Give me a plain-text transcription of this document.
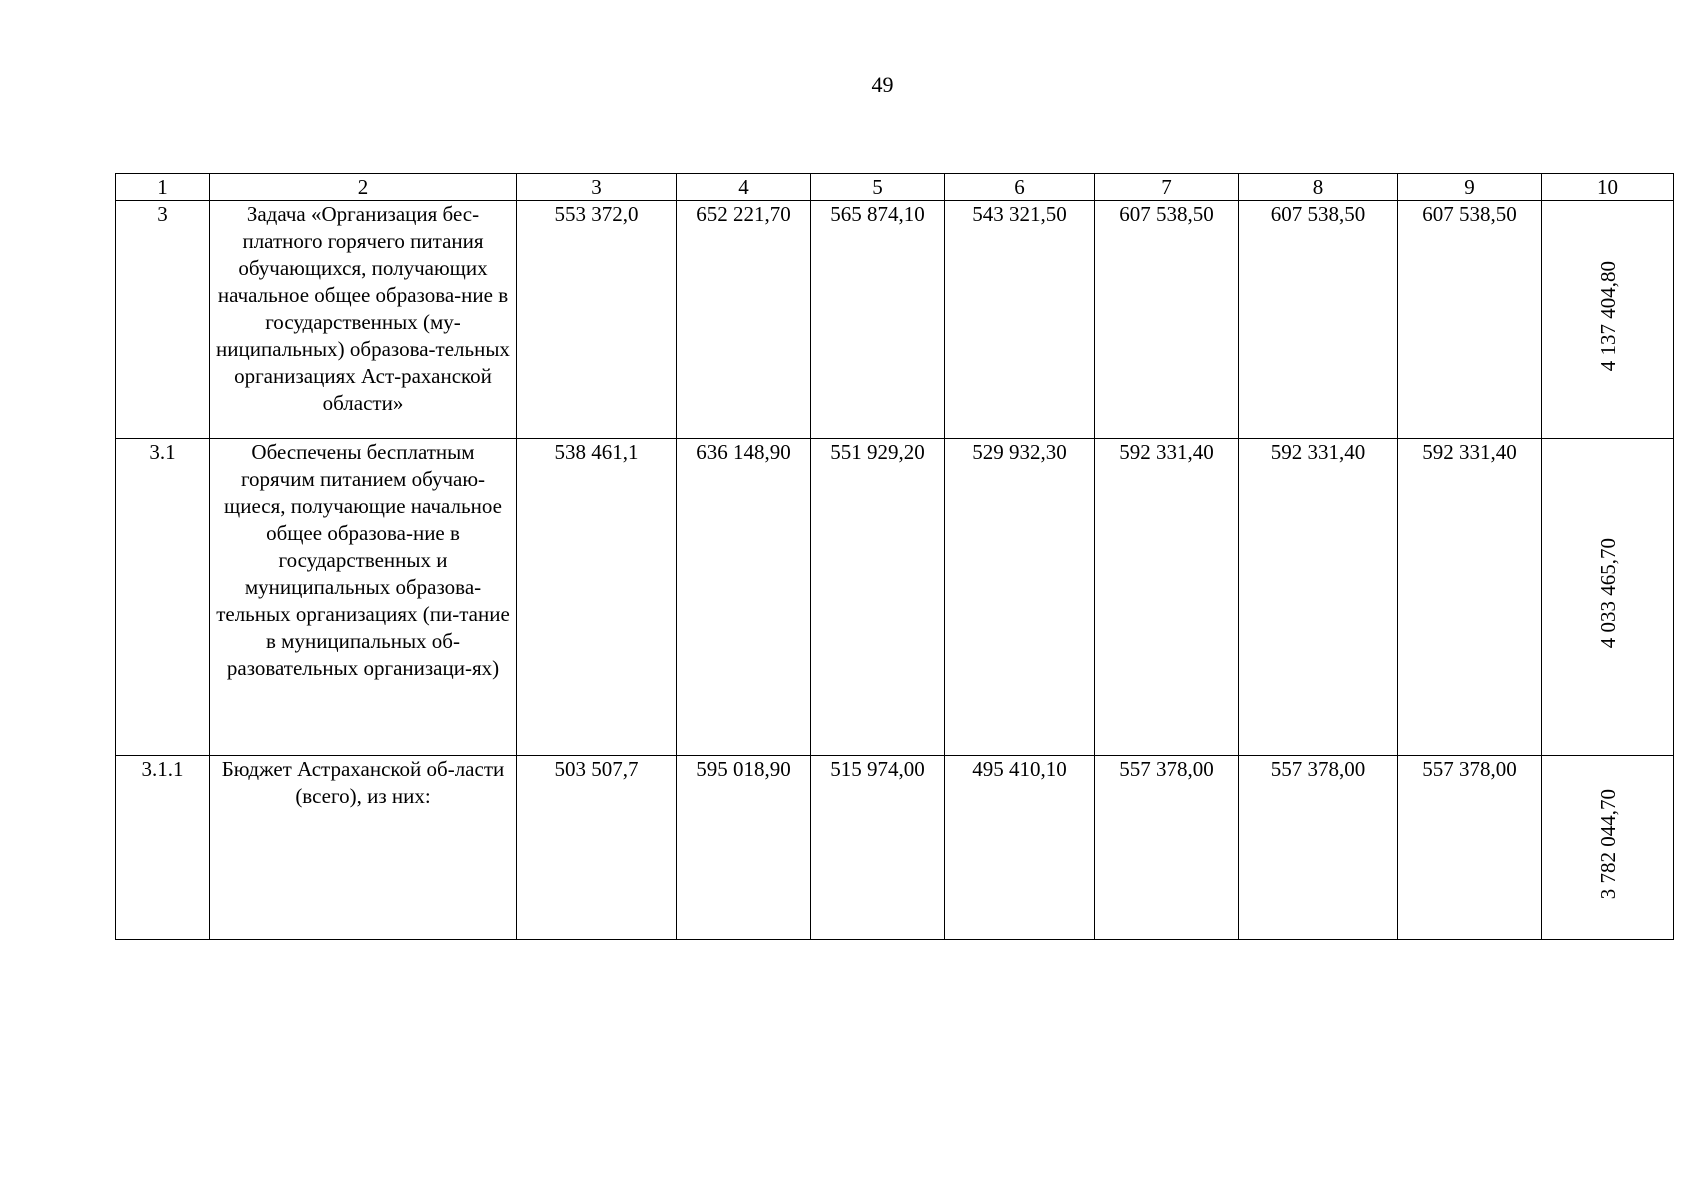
49
1	2	3	4	5	6	7	8	9	10
3	Задача «Организация бес-платного горячего питания обучающихся, получающих начальное общее образова-ние в государственных (му-ниципальных) образова-тельных организациях Аст-раханской области»	553 372,0	652 221,70	565 874,10	543 321,50	607 538,50	607 538,50	607 538,50	4 137 404,80
3.1	Обеспечены бесплатным горячим питанием обучаю-щиеся, получающие начальное общее образова-ние в государственных и муниципальных образова-тельных организациях (пи-тание в муниципальных об-разовательных организаци-ях)	538 461,1	636 148,90	551 929,20	529 932,30	592 331,40	592 331,40	592 331,40	4 033 465,70
3.1.1	Бюджет Астраханской об-ласти (всего), из них:	503 507,7	595 018,90	515 974,00	495 410,10	557 378,00	557 378,00	557 378,00	3 782 044,70
